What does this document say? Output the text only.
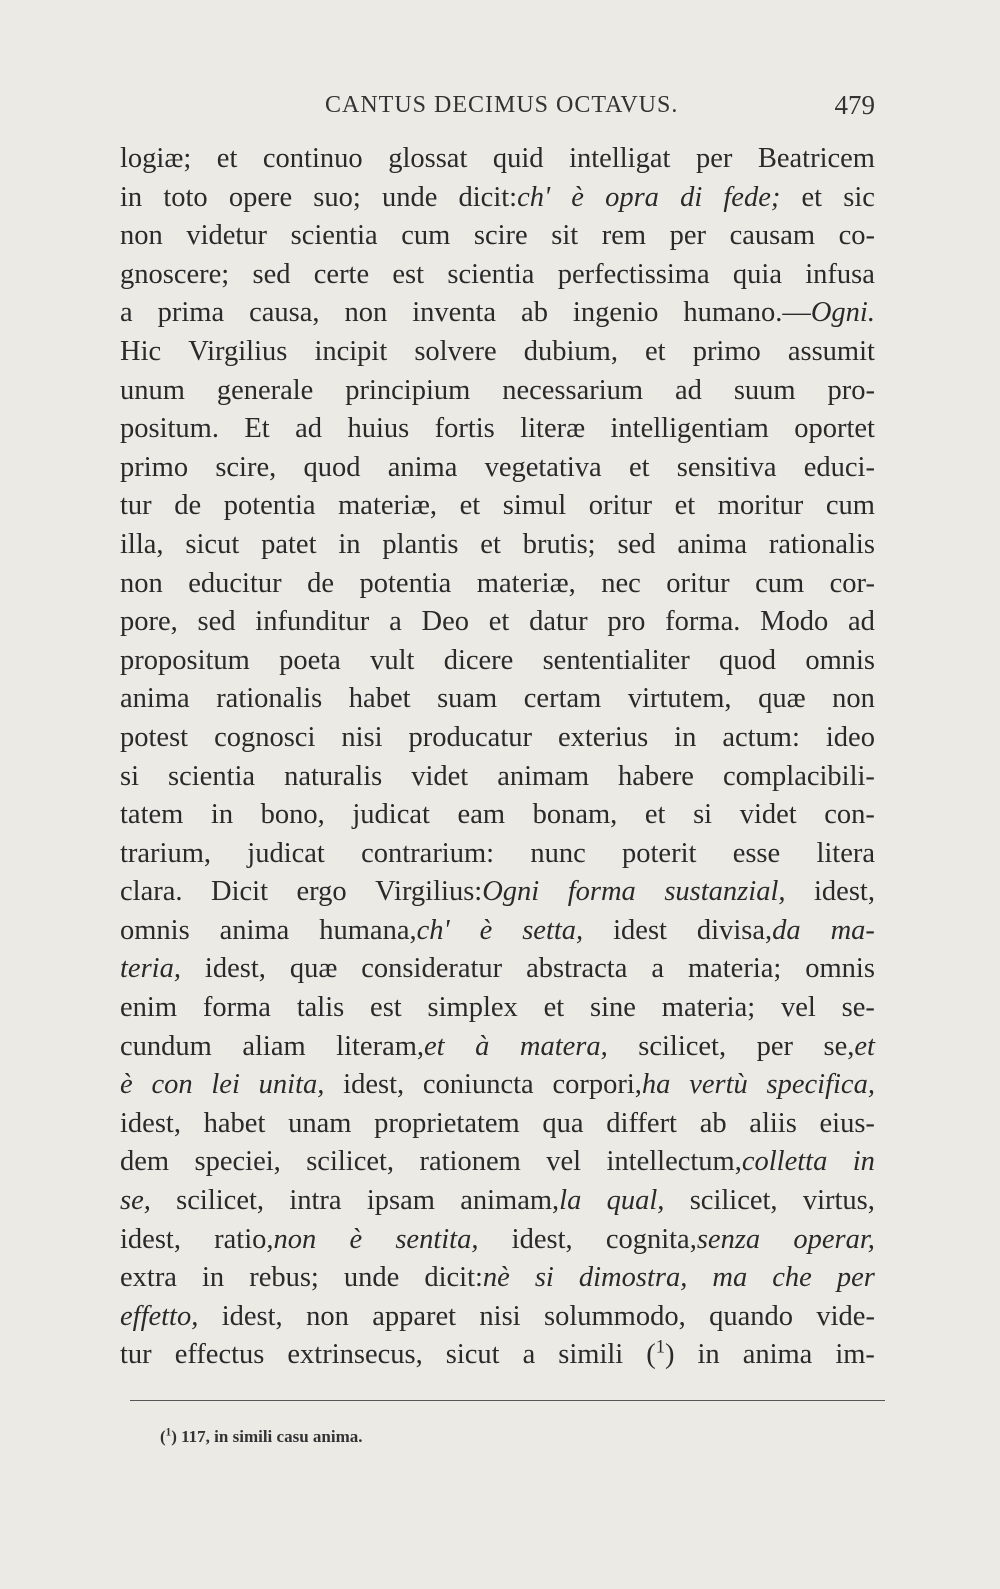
CANTUS DECIMUS OCTAVUS.	479
logiæ; et continuo glossat quid intelligat per Beatricem
in toto opere suo; unde dicit:ch' è opra di fede; et sic
non videtur scientia cum scire sit rem per causam co-
gnoscere; sed certe est scientia perfectissima quia infusa
a prima causa, non inventa ab ingenio humano.—Ogni.
Hic Virgilius incipit solvere dubium, et primo assumit
unum generale principium necessarium ad suum pro-
positum. Et ad huius fortis literæ intelligentiam oportet
primo scire, quod anima vegetativa et sensitiva educi-
tur de potentia materiæ, et simul oritur et moritur cum
illa, sicut patet in plantis et brutis; sed anima rationalis
non educitur de potentia materiæ, nec oritur cum cor-
pore, sed infunditur a Deo et datur pro forma. Modo ad
propositum poeta vult dicere sententialiter quod omnis
anima rationalis habet suam certam virtutem, quæ non
potest cognosci nisi producatur exterius in actum: ideo
si scientia naturalis videt animam habere complacibili-
tatem in bono, judicat eam bonam, et si videt con-
trarium, judicat contrarium: nunc poterit esse litera
clara. Dicit ergo Virgilius:Ogni forma sustanzial, idest,
omnis anima humana,ch' è setta, idest divisa,da ma-
teria, idest, quæ consideratur abstracta a materia; omnis
enim forma talis est simplex et sine materia; vel se-
cundum aliam literam,et à matera, scilicet, per se,et
è con lei unita, idest, coniuncta corpori,ha vertù specifica,
idest, habet unam proprietatem qua differt ab aliis eius-
dem speciei, scilicet, rationem vel intellectum,colletta in
se, scilicet, intra ipsam animam,la qual, scilicet, virtus,
idest, ratio,non è sentita, idest, cognita,senza operar,
extra in rebus; unde dicit:nè si dimostra, ma che per
effetto, idest, non apparet nisi solummodo, quando vide-
tur effectus extrinsecus, sicut a simili ($^1$) in anima im-
($^1$) 117, in simili casu anima.
